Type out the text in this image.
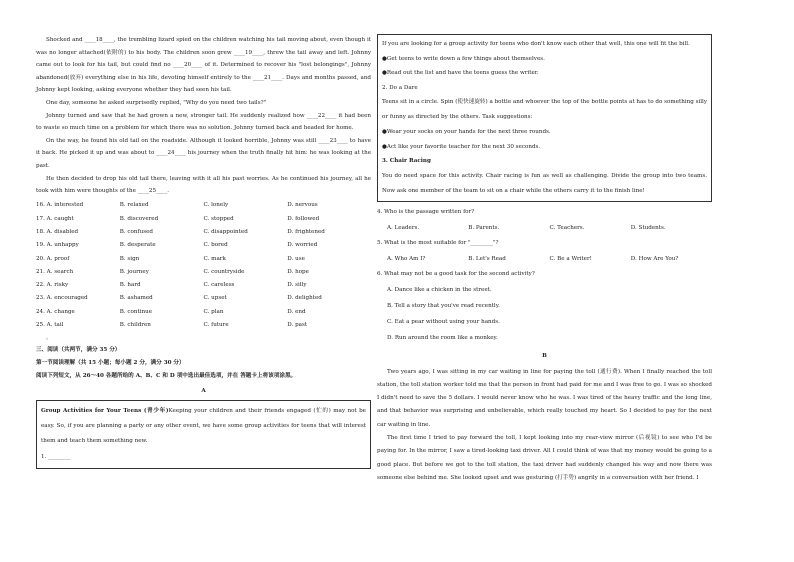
Shocked and ____18____, the trembling lizard spied on the children watching his tail moving about, even though it was no longer attached(依附的) to his body. The children soon grew ____19____, threw the tail away and left. Johnny came out to look for his tail, but could find no ____20____ of it. Determined to recover his "lost belongings", Johnny abandoned(放弃) everything else in his life, devoting himself entirely to the ____21____. Days and months passed, and Johnny kept looking, asking everyone whether they had seen his tail.

One day, someone he asked surprisedly replied, "Why do you need two tails?"

Johnny turned and saw that he had grown a new, stronger tail. He suddenly realized how ____22____ it had been to waste so much time on a problem for which there was no solution. Johnny turned back and headed for home.

On the way, he found his old tail on the roadside. Although it looked horrible, Johnny was still ____23____ to have it back. He picked it up and was about to ____24____ his journey when the truth finally hit him: he was looking at the past.

He then decided to drop his old tail there, leaving with it all his past worries. As he continued his journey, all he took with him were thoughts of the ____25____.

16. A. interested	B. relaxed	C. lonely	D. nervous
17. A. caught	B. discovered	C. stopped	D. followed
18. A. disabled	B. confused	C. disappointed	D. frightened
19. A. unhappy	B. desperate	C. bored	D. worried
20. A. proof	B. sign	C. mark	D. use
21. A. search	B. journey	C. countryside	D. hope
22. A. risky	B. hard	C. careless	D. silly
23. A. encouraged	B. ashamed	C. upset	D. delighted
24. A. change	B. continue	C. plan	D. end
25. A. tail	B. children	C. future	D. past
。

三、阅读（共两节，满分 35 分）

第一节阅读理解（共 15 小题；每小题 2 分，满分 30 分）

阅读下列短文，从 26～40 各题所给的 A、B、C 和 D 项中选出最佳选项，并在 答题卡上将该项涂黑。

A

Group Activities for Your Teens (青少年)Keeping your children and their friends engaged (忙的) may not be easy. So, if you are planning a party or any other event, we have some group activities for teens that will interest them and teach them something new.

1. ________

If you are looking for a group activity for teens who don't know each other that well, this one will fit the bill.

●Get teens to write down a few things about themselves.

●Read out the list and have the teens guess the writer.

2. Do a Dare

Teens sit in a circle. Spin (使快速旋转) a bottle and whoever the top of the bottle points at has to do something silly or funny as directed by the others. Task suggestions:

●Wear your socks on your hands for the next three rounds.

●Act like your favorite teacher for the next 30 seconds.

3. Chair Racing

You do need space for this activity. Chair racing is fun as well as challenging. Divide the group into two teams. Now ask one member of the team to sit on a chair while the others carry it to the finish line!

4. Who is the passage written for?
A. Leaders.	B. Parents.	C. Teachers.	D. Students.
5. What is the most suitable for "________"?
A. Who Am I?	B. Let's Read	C. Be a Writer!	D. How Are You?
6. What may not be a good task for the second activity?
A. Dance like a chicken in the street.
B. Tell a story that you've read recently.
C. Eat a pear without using your hands.
D. Run around the room like a monkey.

B

Two years ago, I was sitting in my car waiting in line for paying the toll (通行费). When I finally reached the toll station, the toll station worker told me that the person in front had paid for me and I was free to go. I was so shocked I didn't need to save the 5 dollars. I would never know who he was. I was tired of the heavy traffic and the long line, and that behavior was surprising and unbelievable, which really touched my heart. So I decided to pay for the next car waiting in line.

The first time I tried to pay forward the toll, I kept looking into my rear-view mirror (后视镜) to see who I'd be paying for. In the mirror, I saw a tired-looking taxi driver. All I could think of was that my money would be going to a good place. But before we got to the toll station, the taxi driver had suddenly changed his way and now there was someone else behind me. She looked upset and was gesturing (打手势) angrily in a conversation with her friend. I
